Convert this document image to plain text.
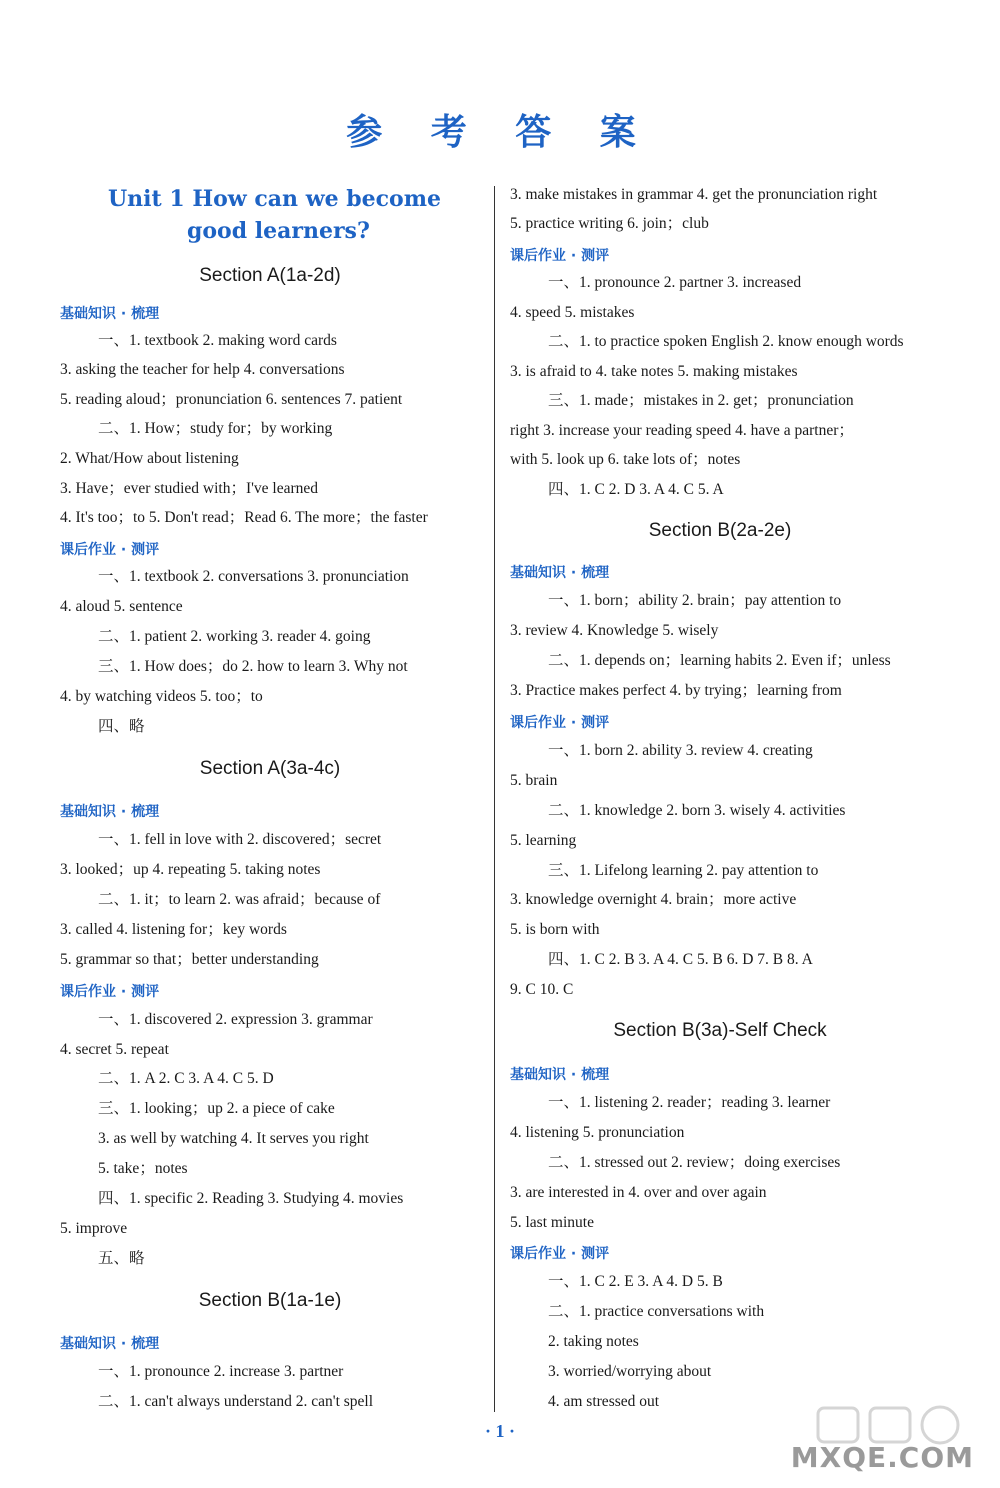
参 考 答 案
Unit 1 How can we become
good learners?
Section A(1a-2d)
基础知识 · 梳理
一、1. textbook 2. making word cards
3. asking the teacher for help 4. conversations
5. reading aloud；pronunciation 6. sentences 7. patient
二、1. How；study for；by working
2. What/How about listening
3. Have；ever studied with；I've learned
4. It's too；to 5. Don't read；Read 6. The more；the faster
课后作业 · 测评
一、1. textbook 2. conversations 3. pronunciation
4. aloud 5. sentence
二、1. patient 2. working 3. reader 4. going
三、1. How does；do 2. how to learn 3. Why not
4. by watching videos 5. too；to
四、略
Section A(3a-4c)
基础知识 · 梳理
一、1. fell in love with 2. discovered；secret
3. looked；up 4. repeating 5. taking notes
二、1. it；to learn 2. was afraid；because of
3. called 4. listening for；key words
5. grammar so that；better understanding
课后作业 · 测评
一、1. discovered 2. expression 3. grammar
4. secret 5. repeat
二、1. A 2. C 3. A 4. C 5. D
三、1. looking；up 2. a piece of cake
3. as well by watching 4. It serves you right
5. take；notes
四、1. specific 2. Reading 3. Studying 4. movies
5. improve
五、略
Section B(1a-1e)
基础知识 · 梳理
一、1. pronounce 2. increase 3. partner
二、1. can't always understand 2. can't spell
3. make mistakes in grammar 4. get the pronunciation right
5. practice writing 6. join；club
课后作业 · 测评
一、1. pronounce 2. partner 3. increased
4. speed 5. mistakes
二、1. to practice spoken English 2. know enough words
3. is afraid to 4. take notes 5. making mistakes
三、1. made；mistakes in 2. get；pronunciation
right 3. increase your reading speed 4. have a partner；
with 5. look up 6. take lots of；notes
四、1. C 2. D 3. A 4. C 5. A
Section B(2a-2e)
基础知识 · 梳理
一、1. born；ability 2. brain；pay attention to
3. review 4. Knowledge 5. wisely
二、1. depends on；learning habits 2. Even if；unless
3. Practice makes perfect 4. by trying；learning from
课后作业 · 测评
一、1. born 2. ability 3. review 4. creating
5. brain
二、1. knowledge 2. born 3. wisely 4. activities
5. learning
三、1. Lifelong learning 2. pay attention to
3. knowledge overnight 4. brain；more active
5. is born with
四、1. C 2. B 3. A 4. C 5. B 6. D 7. B 8. A
9. C 10. C
Section B(3a)-Self Check
基础知识 · 梳理
一、1. listening 2. reader；reading 3. learner
4. listening 5. pronunciation
二、1. stressed out 2. review；doing exercises
3. are interested in 4. over and over again
5. last minute
课后作业 · 测评
一、1. C 2. E 3. A 4. D 5. B
二、1. practice conversations with
2. taking notes
3. worried/worrying about
4. am stressed out
· 1 ·
MXQE.COM
